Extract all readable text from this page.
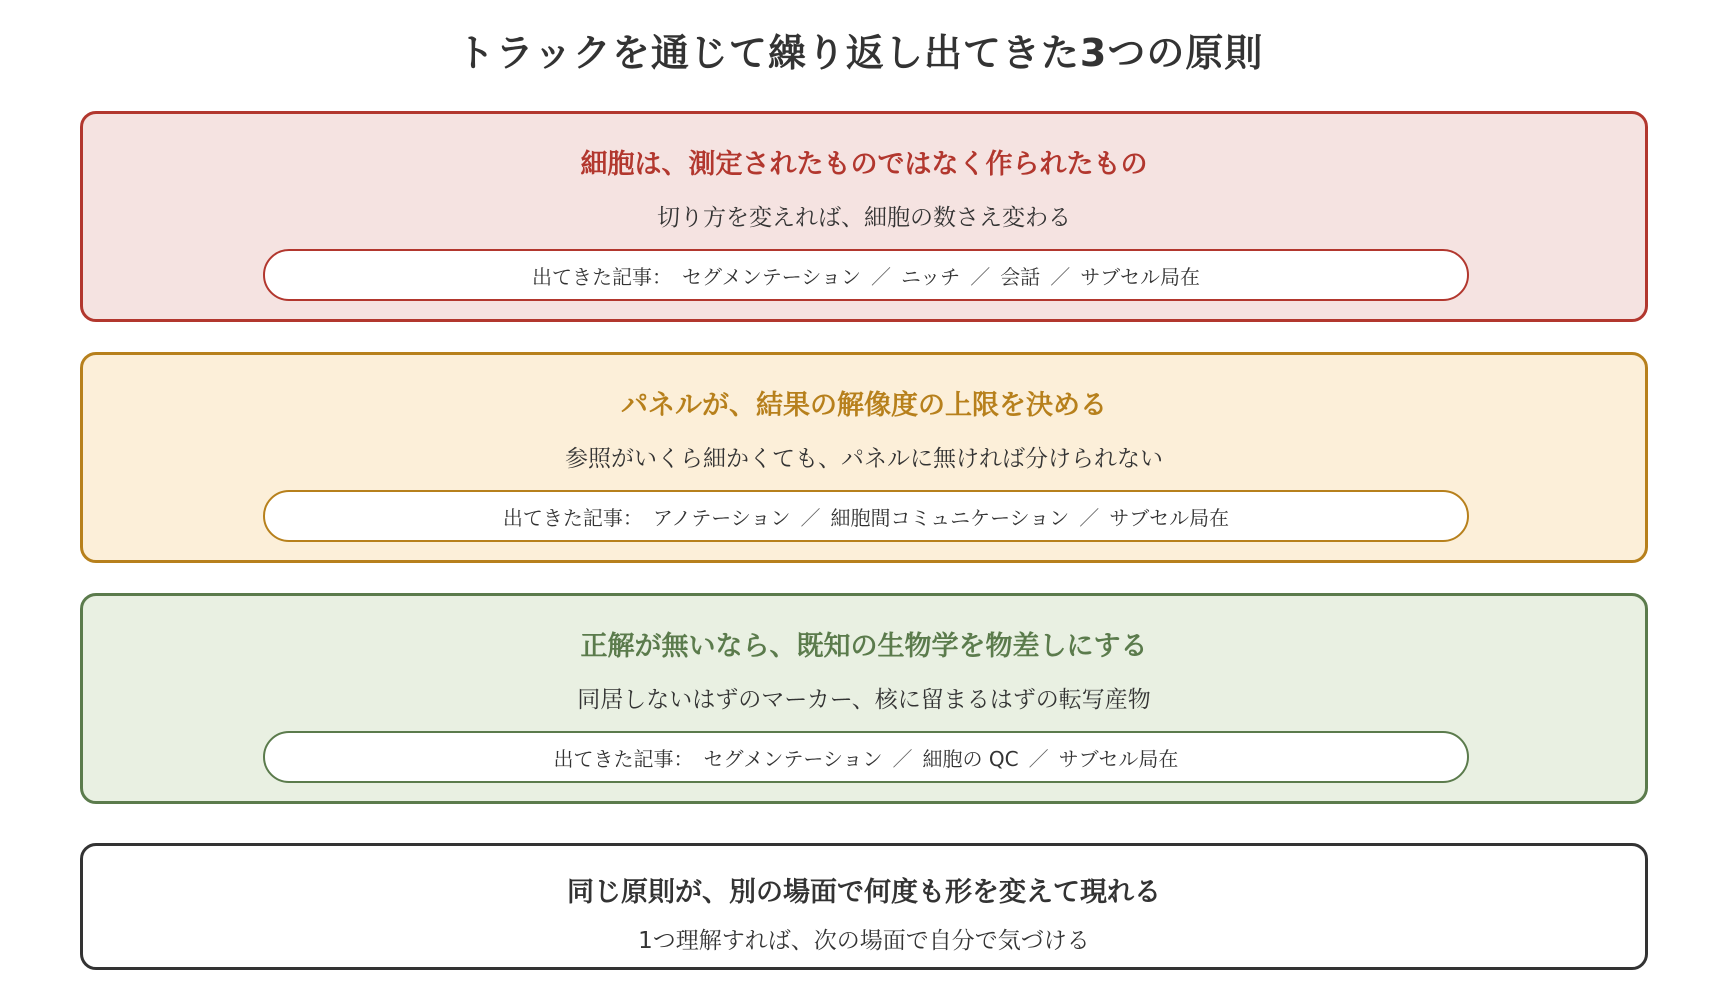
トラックを通じて繰り返し出てきた3つの原則
細胞は、測定されたものではなく作られたもの
切り方を変えれば、細胞の数さえ変わる
出てきた記事： セグメンテーション ／ ニッチ ／ 会話 ／ サブセル局在
パネルが、結果の解像度の上限を決める
参照がいくら細かくても、パネルに無ければ分けられない
出てきた記事： アノテーション ／ 細胞間コミュニケーション ／ サブセル局在
正解が無いなら、既知の生物学を物差しにする
同居しないはずのマーカー、核に留まるはずの転写産物
出てきた記事： セグメンテーション ／ 細胞の QC ／ サブセル局在
同じ原則が、別の場面で何度も形を変えて現れる
1つ理解すれば、次の場面で自分で気づける
